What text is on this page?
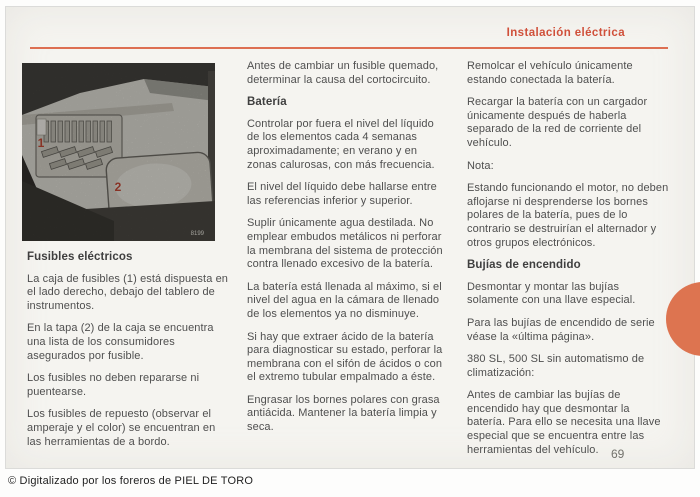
Instalación eléctrica
1
2
8199
Fusibles eléctricos

La caja de fusibles (1) está dispuesta en el lado derecho, debajo del tablero de instrumentos.

En la tapa (2) de la caja se encuentra una lista de los consumidores asegurados por fusible.

Los fusibles no deben repararse ni puentearse.

Los fusibles de repuesto (observar el amperaje y el color) se encuentran en las herramientas de a bordo.

Antes de cambiar un fusible quemado, determinar la causa del cortocircuito.

Batería

Controlar por fuera el nivel del líquido de los elementos cada 4 semanas aproximadamente; en verano y en zonas calurosas, con más frecuencia.

El nivel del líquido debe hallarse entre las referencias inferior y superior.

Suplir únicamente agua destilada. No emplear embudos metálicos ni perforar la membrana del sistema de protección contra llenado excesivo de la batería.

La batería está llenada al máximo, si el nivel del agua en la cámara de llenado de los elementos ya no disminuye.

Si hay que extraer ácido de la batería para diagnosticar su estado, perforar la membrana con el sifón de ácidos o con el extremo tubular empalmado a éste.

Engrasar los bornes polares con grasa antiácida. Mantener la batería limpia y seca.

Remolcar el vehículo únicamente estando conectada la batería.

Recargar la batería con un cargador únicamente después de haberla separado de la red de corriente del vehículo.

Nota:

Estando funcionando el motor, no deben aflojarse ni desprenderse los bornes polares de la batería, pues de lo contrario se destruirían el alternador y otros grupos electrónicos.

Bujías de encendido

Desmontar y montar las bujías solamente con una llave especial.

Para las bujías de encendido de serie véase la «última página».

380 SL, 500 SL sin automatismo de climatización:

Antes de cambiar las bujías de encendido hay que desmontar la batería. Para ello se necesita una llave especial que se encuentra entre las herramientas del vehículo.	69
© Digitalizado por los foreros de PIEL DE TORO
